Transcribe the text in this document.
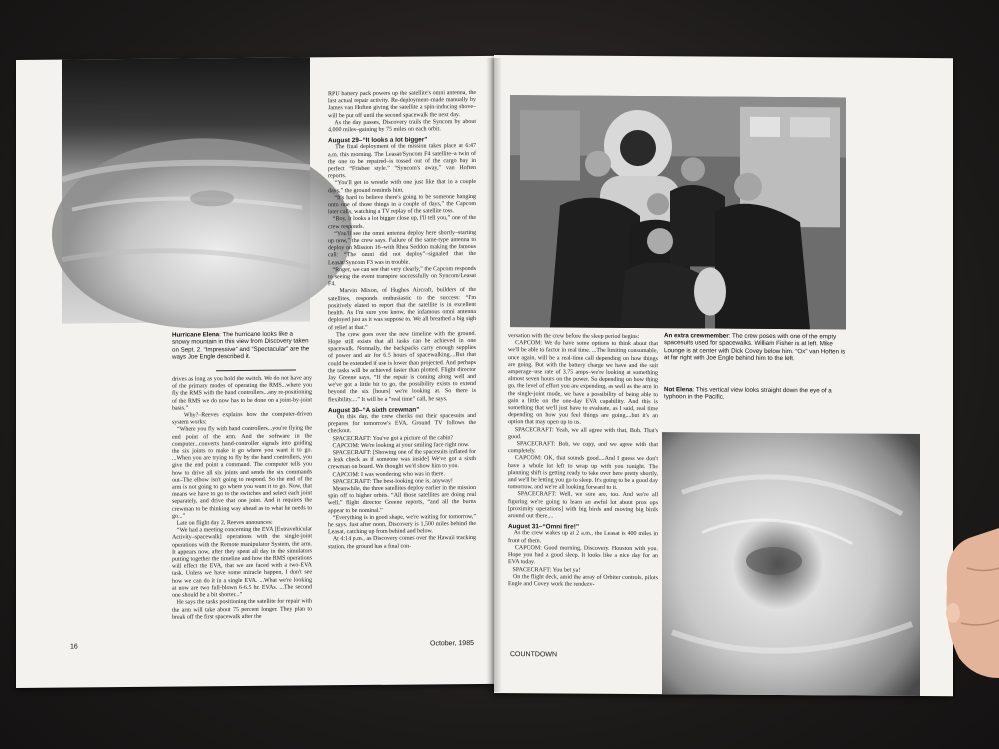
Hurricane Elena: The hurricane looks like a snowy mountain in this view from Discovery taken on Sept. 2. “Impressive” and “Spectacular” are the ways Joe Engle described it.
drives as long as you hold the switch. We do not have any of the primary modes of operating the RMS...where you fly the RMS with the hand controllers...any re-positioning of the RMS we do now has to be done on a joint-by-joint basis.”
Why?–Reeves explains how the computer-driven system works:
“Where you fly with hand controllers...you're flying the end point of the arm. And the software in the computer...converts hand-controller signals into guiding the six joints to make it go where you want it to go. ...When you are trying to fly by the hand controllers, you give the end point a command. The computer tells you how to drive all six joints and sends the six commands out–The elbow isn't going to respond. So the end of the arm is not going to go where you want it to go. Now, that means we have to go to the switches and select each joint separately, and drive that one joint. And it requires the crewman to be thinking way ahead as to what he needs to go...”
Late on flight day 2, Reeves announces:
“We had a meeting concerning the EVA [Extravehicular Activity–spacewalk] operations with the single-joint operations with the Remote manipulator System, the arm. It appears now, after they spent all day in the simulators putting together the timeline and how the RMS operations will effect the EVA, that we are faced with a two-EVA task. Unless we have some miracle happen, I don't see how we can do it in a single EVA. ...What we're looking at now are two full-blown 6-6.5 hr. EVAs. ...The second one should be a bit shorter...”
He says the tasks positioning the satellite for repair with the arm will take about 75 percent longer. They plan to break off the first spacewalk after the
RPU battery pack powers up the satellite's omni antenna, the last actual repair activity. Re-deployment–made manually by James van Hoften giving the satellite a spin-inducing shove–will be put off until the second spacewalk the next day.
As the day passes, Discovery trails the Syncom by about 4,000 miles–gaining by 75 miles on each orbit.
August 29–“It looks a lot bigger”
The final deployment of the mission takes place at 6:47 a.m. this morning. The Leasat/Syncom F4 satellite–a twin of the one to be repaired–is tossed out of the cargo bay in perfect “Frisbee style.” “Syncom's away,” van Hoften reports.
“You'll get to wrestle with one just like that in a couple days,” the ground reminds him.
“It's hard to believe there's going to be someone hanging onto one of those things in a couple of days,” the Capcom later calls, watching a TV replay of the satellite toss.
“Boy, it looks a lot bigger close up, I'll tell you,” one of the crew responds.
“You'll see the omni antenna deploy here shortly–starting up now,” the crew says. Failure of the same-type antenna to deploy on Mission 16–with Rhea Seddon making the famous call: “The omni did not deploy”–signaled that the Leasat/Syncom F3 was in trouble.
“Roger, we can see that very clearly,” the Capcom responds to seeing the event transpire successfully on Syncom/Leasat F4.
Marvin Mixon, of Hughes Aircraft, builders of the satellites, responds enthusiastic to the success: “I'm positively elated to report that the satellite is in excellent health. As I'm sure you know, the infamous omni antenna deployed just as it was suppose to. We all breathed a big sigh of relief at that.”
The crew goes over the new timeline with the ground. Hope still exists that all tasks can be achieved in one spacewalk. Normally, the backpacks carry enough supplies of power and air for 6.5 hours of spacewalking....But that could be extended if use is lower than projected. And perhaps the tasks will be achieved faster than plotted. Flight director Jay Greene says, “If the repair is coming along well and we've got a little bit to go, the possibility exists to extend beyond the six [hours] we're looking at. So there is flexibility....” It will be a “real time” call, he says.
August 30–“A sixth crewman”
On this day, the crew checks out their spacesuits and prepares for tomorrow's EVA. Ground TV follows the checkout.
SPACECRAFT: You've got a picture of the cabin?
CAPCOM: We're looking at your smiling face right now.
SPACECRAFT: [Showing one of the spacesuits inflated for a leak check as if someone was inside] We've got a sixth crewman on board. We thought we'd show him to you.
CAPCOM: I was wondering who was in there.
SPACECRAFT: The best-looking one is, anyway!
Meanwhile, the three satellites deploy earlier in the mission spin off to higher orbits. “All those satellites are doing real well,” flight director Greene reports, “and all the burns appear to be nominal.”
“Everything is in good shape, we're waiting for tomorrow,” he says. Just after noon, Discovery is 1,500 miles behind the Leasat, catching up from behind and below.
At 4:14 p.m., as Discovery comes over the Hawaii tracking station, the ground has a final con-
16	October, 1985
An extra crewmember: The crew poses with one of the empty spacesuits used for spacewalks. William Fisher is at left. Mike Lounge is at center with Dick Covey below him. “Ox” van Hoften is at far right with Joe Engle behind him to the left.
Not Elena: This vertical view looks straight down the eye of a typhoon in the Pacific.
versation with the crew before the sleep period begins:
CAPCOM: We do have some options to think about that we'll be able to factor in real time. ...The limiting consumable, once again, will be a real-time call depending on how things are going. But with the battery charge we have and the suit amperage–use rate of 3.75 amps–we're looking at something almost seven hours on the power. So depending on how thing go, the level of effort you are expending, as well as the arm in the single-joint mode, we have a possibility of being able to gain a little on the one-day EVA capability. And this is something that we'll just have to evaluate, as I said, real time depending on how you feel things are going....but it's an option that may open up to us.
SPACECRAFT: Yeah, we all agree with that, Bob. That's good.
SPACECRAFT: Bob, we copy, and we agree with that completely.
CAPCOM: OK, that sounds good....And I guess we don't have a whole lot left to wrap up with you tonight. The planning shift is getting ready to take over here pretty shortly, and we'll be letting you go to sleep. It's going to be a good day tomorrow, and we're all looking forward to it.
SPACECRAFT: Well, we sure are, too. And we're all figuring we're going to learn an awful lot about prox ops [proximity operations] with big birds and moving big birds around out there....
August 31–“Omni fire!”
As the crew wakes up at 2 a.m., the Leasat is 400 miles in front of them.
CAPCOM: Good morning, Discovery. Houston with you. Hope you had a good sleep. It looks like a nice day for an EVA today.
SPACECRAFT: You bet ya!
On the flight deck, amid the array of Orbiter controls, pilots Engle and Covey work the rendezv-
COUNTDOWN
